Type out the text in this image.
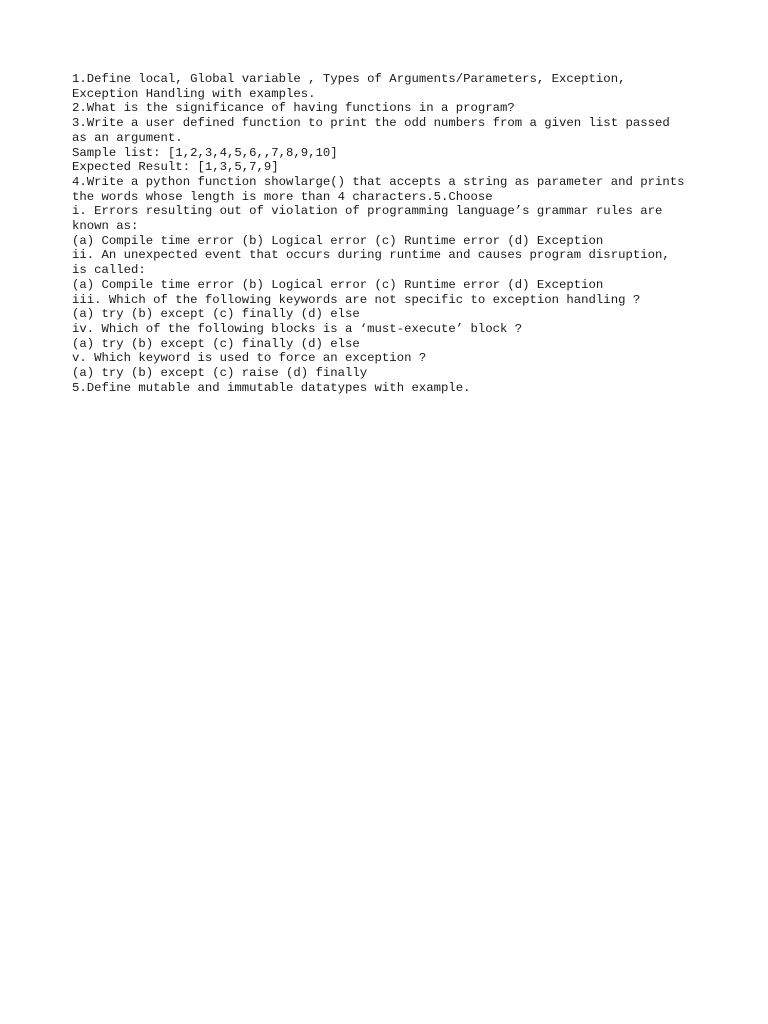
1.Define local, Global variable , Types of Arguments/Parameters, Exception,

Exception Handling with examples.

2.What is the significance of having functions in a program?

3.Write a user defined function to print the odd numbers from a given list passed

as an argument.

Sample list: [1,2,3,4,5,6,,7,8,9,10]

Expected Result: [1,3,5,7,9]

4.Write a python function showlarge() that accepts a string as parameter and prints

the words whose length is more than 4 characters.5.Choose

i. Errors resulting out of violation of programming language’s grammar rules are

known as:

(a) Compile time error (b) Logical error (c) Runtime error (d) Exception

ii. An unexpected event that occurs during runtime and causes program disruption,

is called:

(a) Compile time error (b) Logical error (c) Runtime error (d) Exception

iii. Which of the following keywords are not specific to exception handling ?

(a) try (b) except (c) finally (d) else

iv. Which of the following blocks is a ‘must-execute’ block ?

(a) try (b) except (c) finally (d) else

v. Which keyword is used to force an exception ?

(a) try (b) except (c) raise (d) finally

5.Define mutable and immutable datatypes with example.
